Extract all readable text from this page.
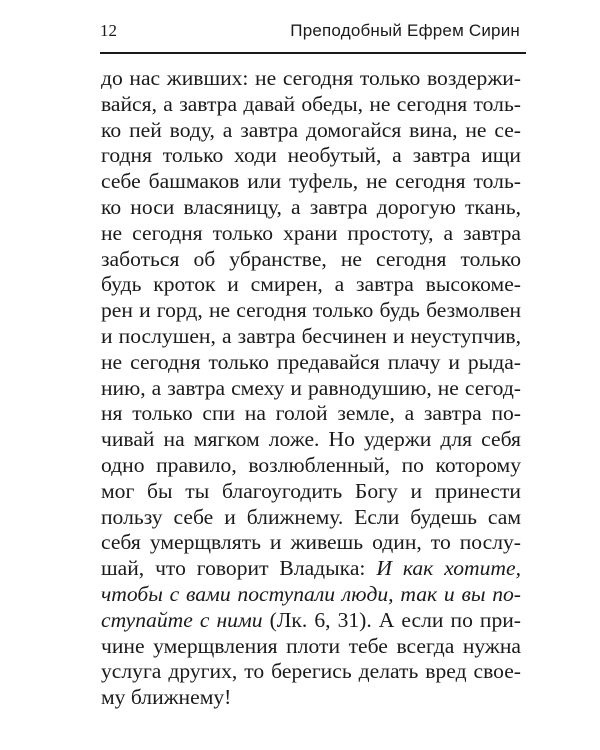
12	Преподобный Ефрем Сирин
до нас живших: не сегодня только воздержи-
вайся, а завтра давай обеды, не сегодня толь-
ко пей воду, а завтра домогайся вина, не се-
годня только ходи необутый, а завтра ищи
себе башмаков или туфель, не сегодня толь-
ко носи власяницу, а завтра дорогую ткань,
не сегодня только храни простоту, а завтра
заботься об убранстве, не сегодня только
будь кроток и смирен, а завтра высокоме-
рен и горд, не сегодня только будь безмолвен
и послушен, а завтра бесчинен и неуступчив,
не сегодня только предавайся плачу и рыда-
нию, а завтра смеху и равнодушию, не сегод-
ня только спи на голой земле, а завтра по-
чивай на мягком ложе. Но удержи для себя
одно правило, возлюбленный, по которому
мог бы ты благоугодить Богу и принести
пользу себе и ближнему. Если будешь сам
себя умерщвлять и живешь один, то послу-
шай, что говорит Владыка: И как хотите,
чтобы с вами поступали люди, так и вы по-
ступайте с ними (Лк. 6, 31). А если по при-
чине умерщвления плоти тебе всегда нужна
услуга других, то берегись делать вред свое-
му ближнему!
